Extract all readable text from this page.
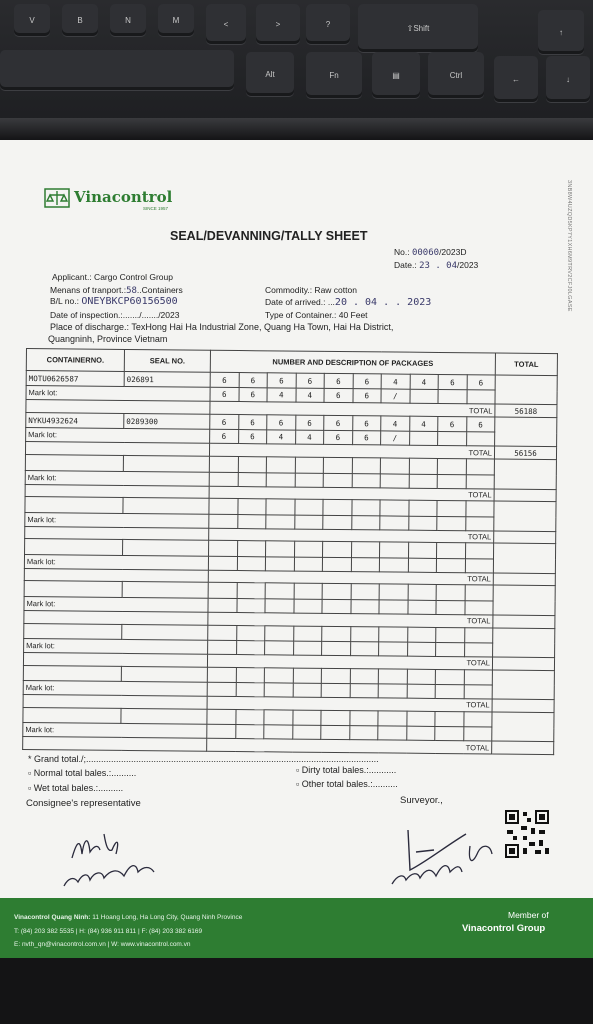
V	B	N	M	<	>	?	⇧Shift	↑
Alt	Fn	▤	Ctrl	←	↓
Vinacontrol
SINCE 1957
SEAL/DEVANNING/TALLY SHEET
No.: 00060/2023D
Date.: 23 . 04/2023
Applicant.: Cargo Control Group
Menans of tranport.:58..Containers
B/L no.: ONEYBKCP60156500
Date of inspection.:......./......./2023
Commodity.: Raw cotton
Date of arrived.: ...20 . 04 . . 2023
Type of Container.: 40 Feet
Place of discharge.: TexHong Hai Ha Industrial Zone, Quang Ha Town, Hai Ha District,
Quangninh, Province Vietnam
CONTAINERNO.	SEAL NO.	NUMBER AND DESCRIPTION OF PACKAGES										TOTAL
MOTU0626587	026891	6	6	6	6	6	6	4	4	6	6	
Mark lot:		6	6	4	4	6	6	/				
		TOTAL										56188
NYKU4932624	0289300	6	6	6	6	6	6	4	4	6	6	
Mark lot:		6	6	4	4	6	6	/				
		TOTAL										56156

Mark lot:												
		TOTAL										

Mark lot:												
		TOTAL										

Mark lot:												
		TOTAL										

Mark lot:												
		TOTAL										

Mark lot:												
		TOTAL										

Mark lot:												
		TOTAL										

Mark lot:												
		TOTAL										
* Grand total./;.....................................................................................................................
▫ Normal total bales.:..........
▫ Wet total bales.:..........
▫ Dirty total bales.:...........
▫ Other total bales.:..........
Consignee's representative	Surveyor.,
3NB8W4UZQD5KP7Y1XH6M9TRV2CFJ0LGASE
Vinacontrol Quang Ninh: 11 Hoang Long, Ha Long City, Quang Ninh Province
T: (84) 203 382 5535 | H: (84) 936 911 811 | F: (84) 203 382 6169
E: nvth_qn@vinacontrol.com.vn | W: www.vinacontrol.com.vn
Member of
Vinacontrol Group
